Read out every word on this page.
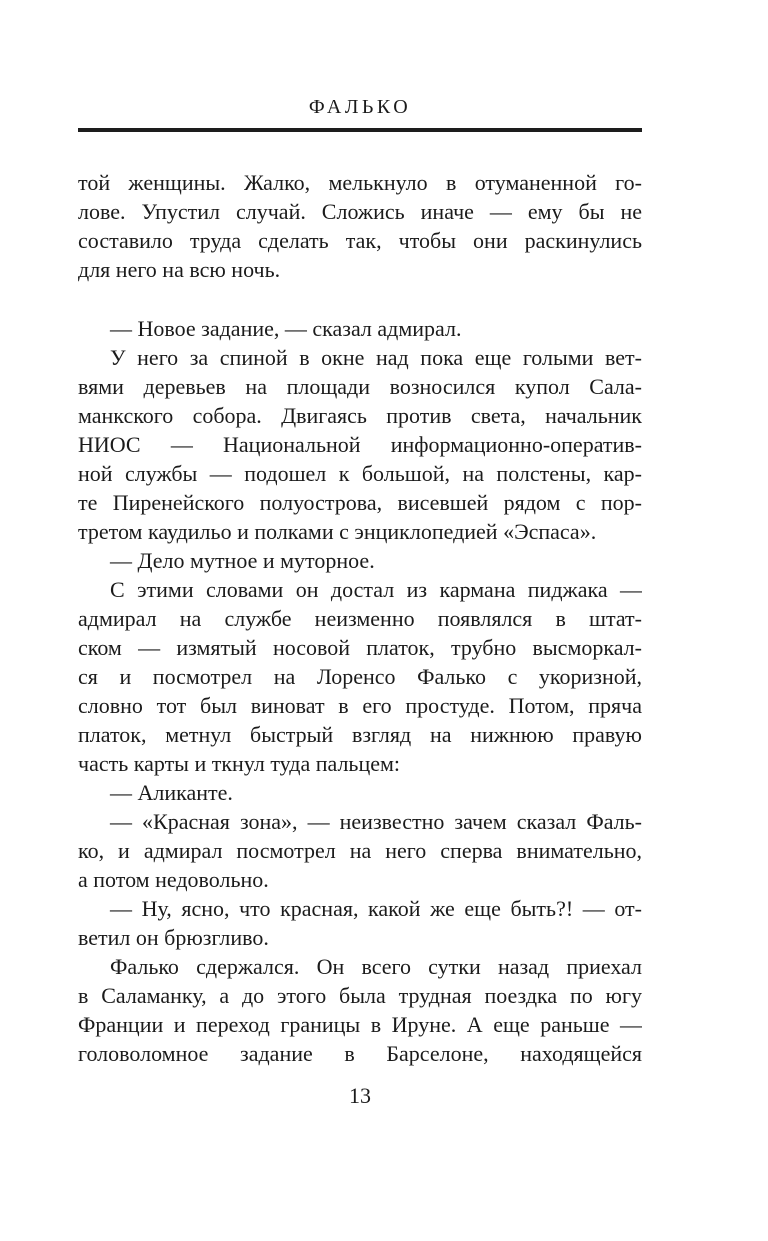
ФАЛЬКО
той женщины. Жалко, мелькнуло в отуманенной го-
лове. Упустил случай. Сложись иначе — ему бы не
составило труда сделать так, чтобы они раскинулись
для него на всю ночь.
— Новое задание, — сказал адмирал.
У него за спиной в окне над пока еще голыми вет-
вями деревьев на площади возносился купол Сала-
манкского собора. Двигаясь против света, начальник
НИОС — Национальной информационно-оператив-
ной службы — подошел к большой, на полстены, кар-
те Пиренейского полуострова, висевшей рядом с пор-
третом каудильо и полками с энциклопедией «Эспаса».
— Дело мутное и муторное.
С этими словами он достал из кармана пиджака —
адмирал на службе неизменно появлялся в штат-
ском — измятый носовой платок, трубно высморкал-
ся и посмотрел на Лоренсо Фалько с укоризной,
словно тот был виноват в его простуде. Потом, пряча
платок, метнул быстрый взгляд на нижнюю правую
часть карты и ткнул туда пальцем:
— Аликанте.
— «Красная зона», — неизвестно зачем сказал Фаль-
ко, и адмирал посмотрел на него сперва внимательно,
а потом недовольно.
— Ну, ясно, что красная, какой же еще быть?! — от-
ветил он брюзгливо.
Фалько сдержался. Он всего сутки назад приехал
в Саламанку, а до этого была трудная поездка по югу
Франции и переход границы в Ируне. А еще раньше —
головоломное задание в Барселоне, находящейся
13
